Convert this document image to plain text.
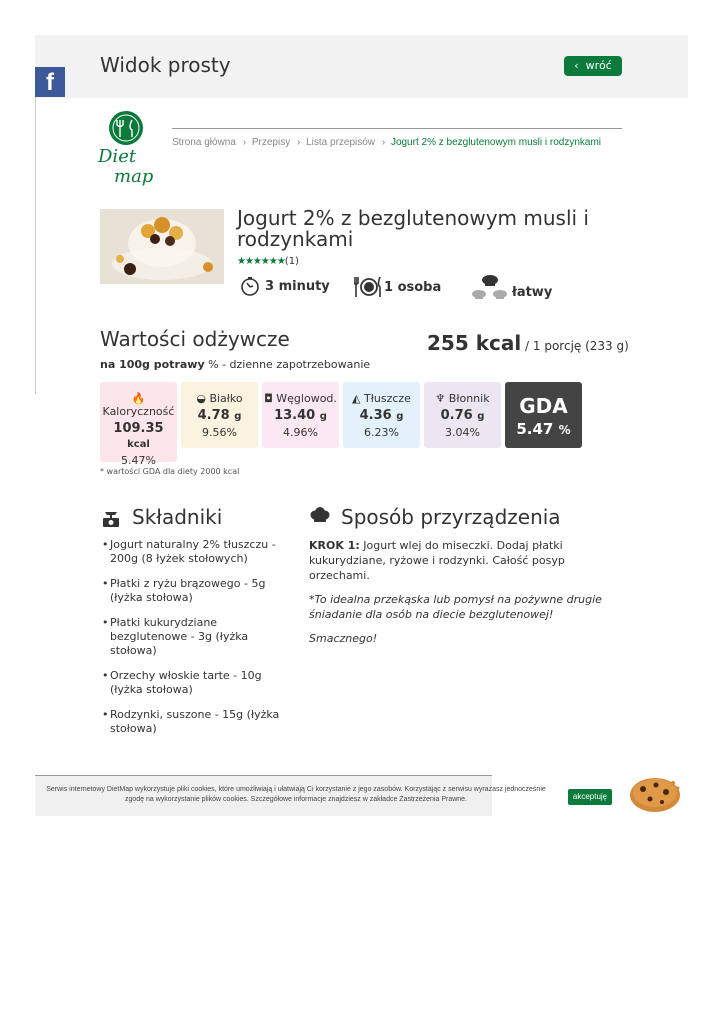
Widok prosty	‹ wróć
f
Diet
map
Strona główna › Przepisy › Lista przepisów › Jogurt 2% z bezglutenowym musli i rodzynkami
Jogurt 2% z bezglutenowym musli i rodzynkami
★★★★★★(1)
3 minuty	1 osoba	łatwy
Wartości odżywcze
na 100g potrawy % - dzienne zapotrzebowanie
255 kcal / 1 porcję (233 g)
🔥
Kaloryczność
109.35 kcal
5.47%
◒ Białko
4.78 g
9.56%
◘ Węglowod.
13.40 g
4.96%
◭ Tłuszcze
4.36 g
6.23%
♆ Błonnik
0.76 g
3.04%
GDA
5.47 %
* wartości GDA dla diety 2000 kcal
Składniki	Sposób przyrządzenia
• Jogurt naturalny 2% tłuszczu - 200g (8 łyżek stołowych)
• Płatki z ryżu brązowego - 5g (łyżka stołowa)
• Płatki kukurydziane bezglutenowe - 3g (łyżka stołowa)
• Orzechy włoskie tarte - 10g (łyżka stołowa)
• Rodzynki, suszone - 15g (łyżka stołowa)

KROK 1: Jogurt wlej do miseczki. Dodaj płatki kukurydziane, ryżowe i rodzynki. Całość posyp orzechami.

*To idealna przekąska lub pomysł na pożywne drugie śniadanie dla osób na diecie bezglutenowej!

Smacznego!

Serwis internetowy DietMap wykorzystuje pliki cookies, które umożliwiają i ułatwiają Ci korzystanie z jego zasobów. Korzystając z serwisu wyrażasz jednocześnie zgodę na wykorzystanie plików cookies. Szczegółowe informacje znajdziesz w zakładce Zastrzeżenia Prawne.	akceptuję
